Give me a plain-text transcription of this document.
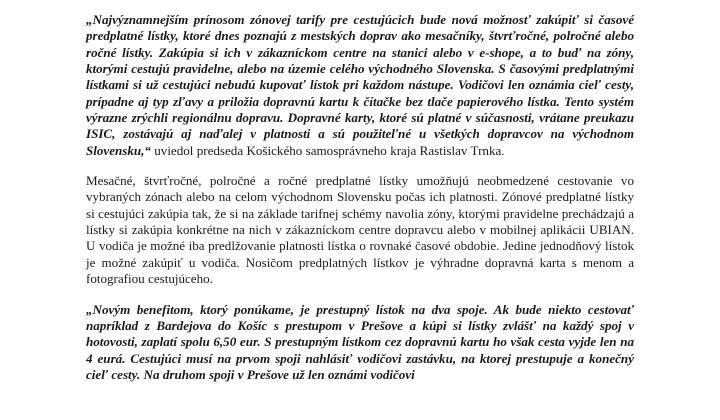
„Najvýznamnejším prínosom zónovej tarify pre cestujúcich bude nová možnosť zakúpiť si časové predplatné lístky, ktoré dnes poznajú z mestských doprav ako mesačníky, štvrťročné, polročné alebo ročné lístky. Zakúpia si ich v zákazníckom centre na stanici alebo v e-shope, a to buď na zóny, ktorými cestujú pravidelne, alebo na územie celého východného Slovenska. S časovými predplatnými lístkami si už cestujúci nebudú kupovať lístok pri každom nástupe. Vodičovi len oznámia cieľ cesty, prípadne aj typ zľavy a priložia dopravnú kartu k čítačke bez tlače papierového lístka. Tento systém výrazne zrýchli regionálnu dopravu. Dopravné karty, ktoré sú platné v súčasnosti, vrátane preukazu ISIC, zostávajú aj naďalej v platnosti a sú použiteľné u všetkých dopravcov na východnom Slovensku,“ uviedol predseda Košického samosprávneho kraja Rastislav Trnka.

Mesačné, štvrťročné, polročné a ročné predplatné lístky umožňujú neobmedzené cestovanie vo vybraných zónach alebo na celom východnom Slovensku počas ich platnosti. Zónové predplatné lístky si cestujúci zakúpia tak, že si na základe tarifnej schémy navolia zóny, ktorými pravidelne prechádzajú a lístky si zakúpia konkrétne na nich v zákazníckom centre dopravcu alebo v mobilnej aplikácii UBIAN. U vodiča je možné iba predlžovanie platnosti lístka o rovnaké časové obdobie. Jedine jednodňový lístok je možné zakúpiť u vodiča. Nosičom predplatných lístkov je výhradne dopravná karta s menom a fotografiou cestujúceho.

„Novým benefitom, ktorý ponúkame, je prestupný lístok na dva spoje. Ak bude niekto cestovať napríklad z Bardejova do Košíc s prestupom v Prešove a kúpi si lístky zvlášť na každý spoj v hotovosti, zaplatí spolu 6,50 eur. S prestupným lístkom cez dopravnú kartu ho však cesta vyjde len na 4 eurá. Cestujúci musí na prvom spoji nahlásiť vodičovi zastávku, na ktorej prestupuje a konečný cieľ cesty. Na druhom spoji v Prešove už len oznámi vodičovi
